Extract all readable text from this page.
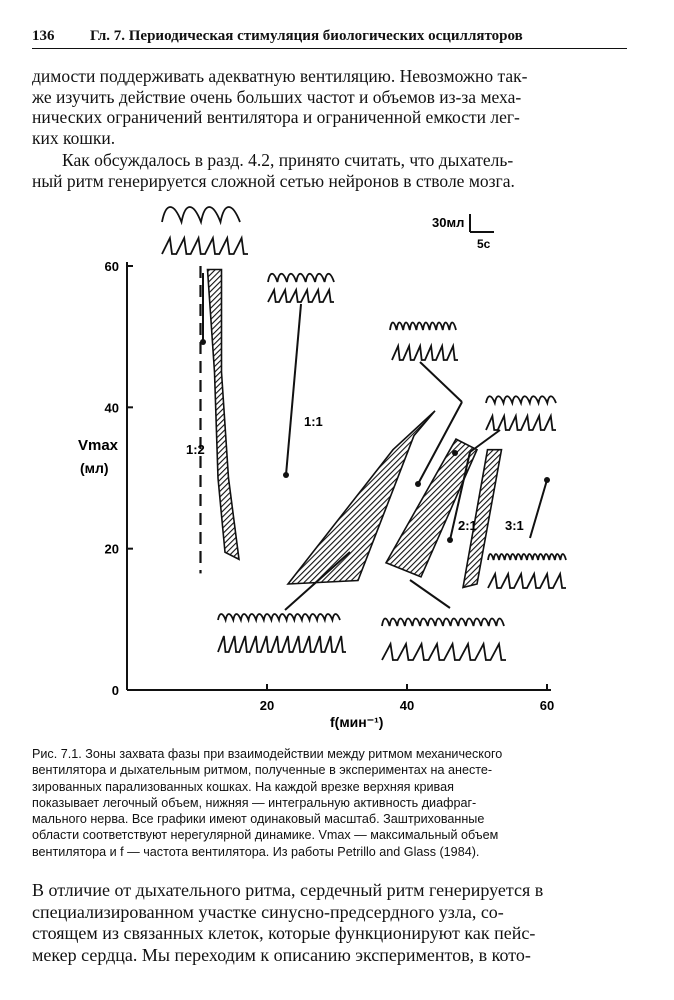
136 Гл. 7. Периодическая стимуляция биологических осцилляторов

димости поддерживать адекватную вентиляцию. Невозможно так-
же изучить действие очень больших частот и объемов из-за меха-
нических ограничений вентилятора и ограниченной емкости лег-
ких кошки.

Как обсуждалось в разд. 4.2, принято считать, что дыхатель-
ный ритм генерируется сложной сетью нейронов в стволе мозга.

0
20
40
60
20	40	60
1:2
1:1
2:1 3:1
Vmax
(мл)
f(мин⁻¹)
30мл
5с
Рис. 7.1. Зоны захвата фазы при взаимодействии между ритмом механического
вентилятора и дыхательным ритмом, полученные в экспериментах на анесте-
зированных парализованных кошках. На каждой врезке верхняя кривая
показывает легочный объем, нижняя — интегральную активность диафраг-
мального нерва. Все графики имеют одинаковый масштаб. Заштрихованные
области соответствуют нерегулярной динамике. Vmax — максимальный объем
вентилятора и f — частота вентилятора. Из работы Petrillo and Glass (1984).

В отличие от дыхательного ритма, сердечный ритм генерируется в
специализированном участке синусно-предсердного узла, со-
стоящем из связанных клеток, которые функционируют как пейс-
мекер сердца. Мы переходим к описанию экспериментов, в кото-
